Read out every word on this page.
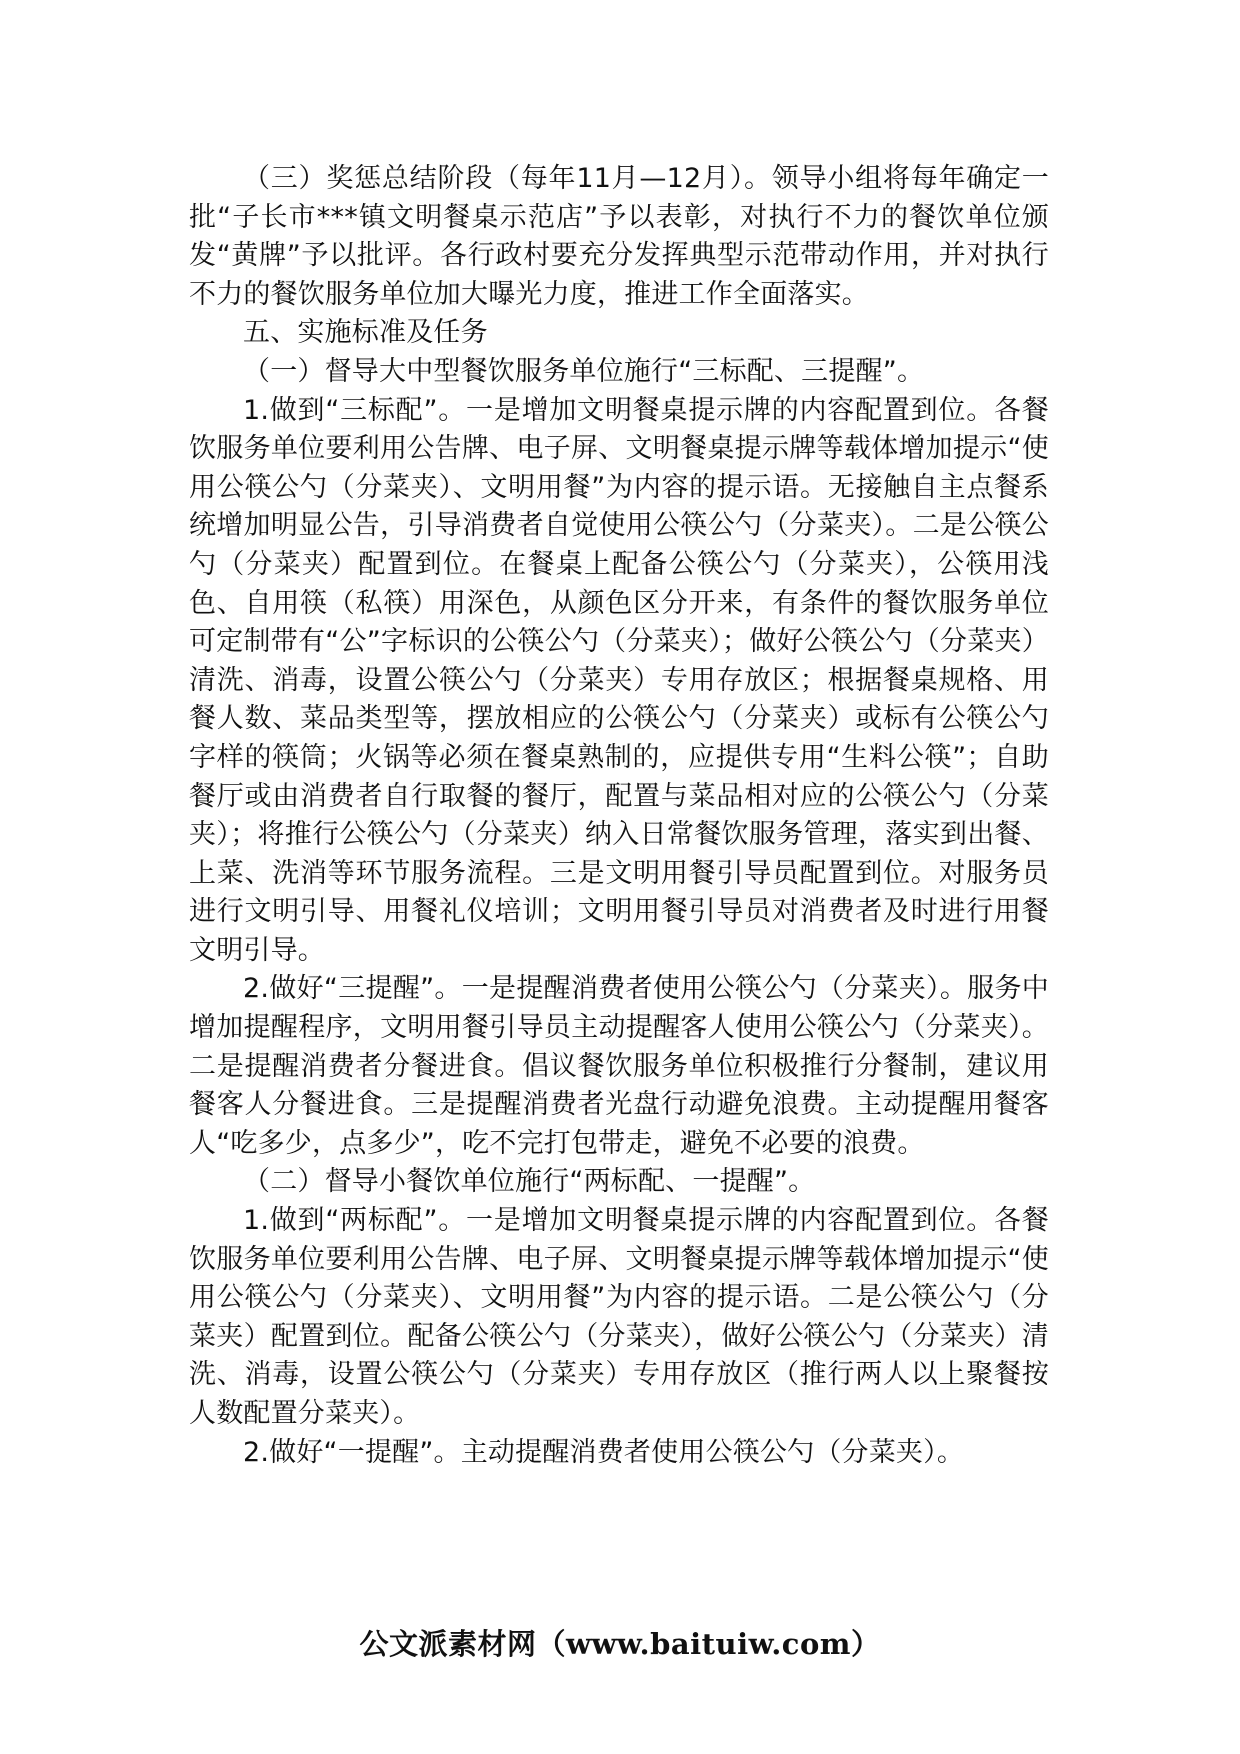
（三）奖惩总结阶段（每年11月—12月）。领导小组将每年确定一批“子长市***镇文明餐桌示范店”予以表彰，对执行不力的餐饮单位颁发“黄牌”予以批评。各行政村要充分发挥典型示范带动作用，并对执行不力的餐饮服务单位加大曝光力度，推进工作全面落实。

五、实施标准及任务

（一）督导大中型餐饮服务单位施行“三标配、三提醒”。

1.做到“三标配”。一是增加文明餐桌提示牌的内容配置到位。各餐饮服务单位要利用公告牌、电子屏、文明餐桌提示牌等载体增加提示“使用公筷公勺（分菜夹）、文明用餐”为内容的提示语。无接触自主点餐系统增加明显公告，引导消费者自觉使用公筷公勺（分菜夹）。二是公筷公勺（分菜夹）配置到位。在餐桌上配备公筷公勺（分菜夹），公筷用浅色、自用筷（私筷）用深色，从颜色区分开来，有条件的餐饮服务单位可定制带有“公”字标识的公筷公勺（分菜夹）；做好公筷公勺（分菜夹）清洗、消毒，设置公筷公勺（分菜夹）专用存放区；根据餐桌规格、用餐人数、菜品类型等，摆放相应的公筷公勺（分菜夹）或标有公筷公勺字样的筷筒；火锅等必须在餐桌熟制的，应提供专用“生料公筷”；自助餐厅或由消费者自行取餐的餐厅，配置与菜品相对应的公筷公勺（分菜夹）；将推行公筷公勺（分菜夹）纳入日常餐饮服务管理，落实到出餐、上菜、洗消等环节服务流程。三是文明用餐引导员配置到位。对服务员进行文明引导、用餐礼仪培训；文明用餐引导员对消费者及时进行用餐文明引导。

2.做好“三提醒”。一是提醒消费者使用公筷公勺（分菜夹）。服务中增加提醒程序，文明用餐引导员主动提醒客人使用公筷公勺（分菜夹）。二是提醒消费者分餐进食。倡议餐饮服务单位积极推行分餐制，建议用餐客人分餐进食。三是提醒消费者光盘行动避免浪费。主动提醒用餐客人“吃多少，点多少”，吃不完打包带走，避免不必要的浪费。

（二）督导小餐饮单位施行“两标配、一提醒”。

1.做到“两标配”。一是增加文明餐桌提示牌的内容配置到位。各餐饮服务单位要利用公告牌、电子屏、文明餐桌提示牌等载体增加提示“使用公筷公勺（分菜夹）、文明用餐”为内容的提示语。二是公筷公勺（分菜夹）配置到位。配备公筷公勺（分菜夹），做好公筷公勺（分菜夹）清洗、消毒，设置公筷公勺（分菜夹）专用存放区（推行两人以上聚餐按人数配置分菜夹）。

2.做好“一提醒”。主动提醒消费者使用公筷公勺（分菜夹）。

公文派素材网（www.baituiw.com）
